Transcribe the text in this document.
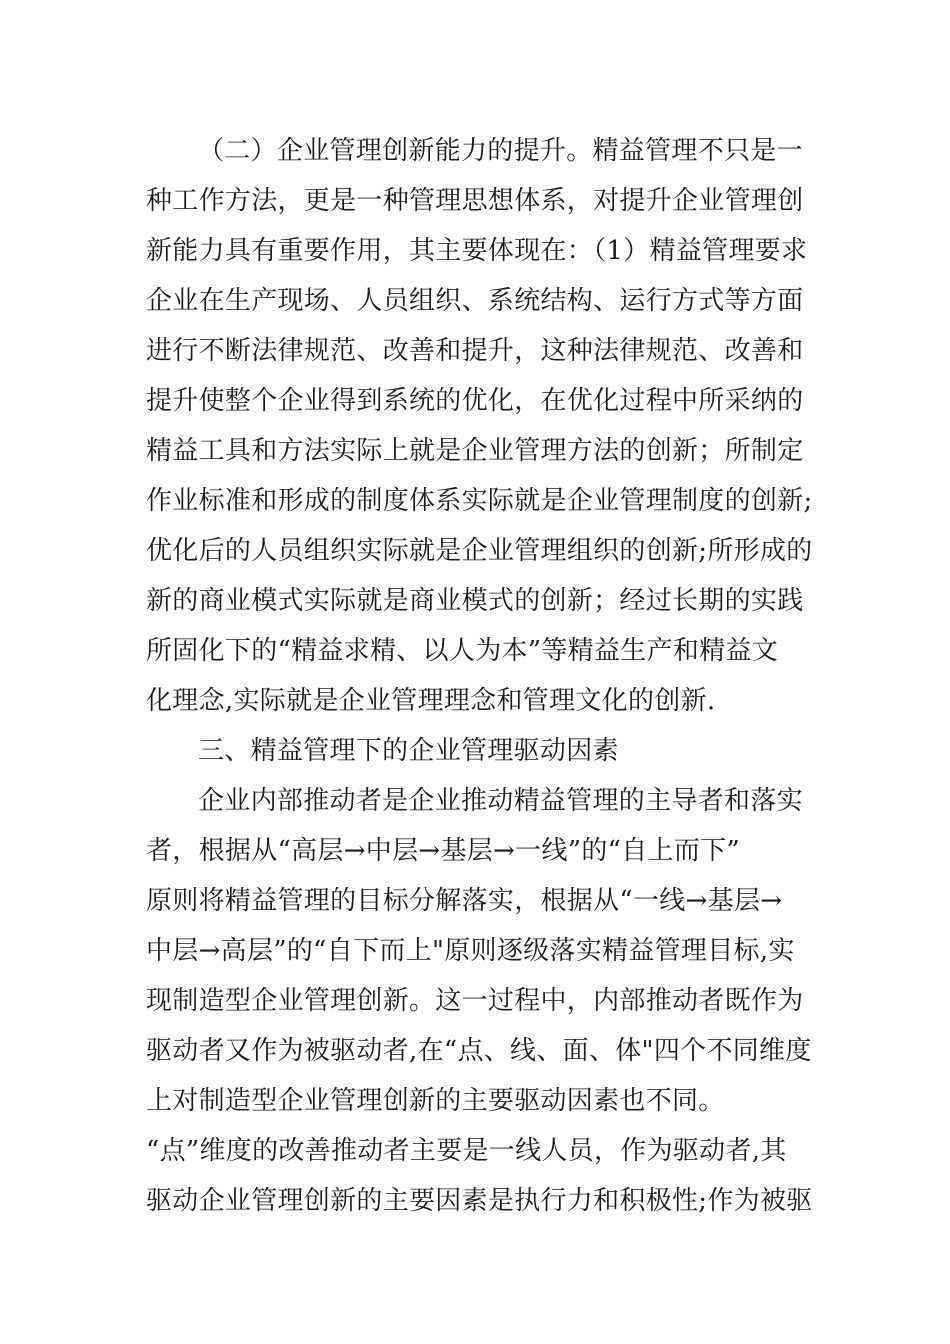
（二）企业管理创新能力的提升。精益管理不只是一
种工作方法，更是一种管理思想体系，对提升企业管理创
新能力具有重要作用，其主要体现在：（1）精益管理要求
企业在生产现场、人员组织、系统结构、运行方式等方面
进行不断法律规范、改善和提升，这种法律规范、改善和
提升使整个企业得到系统的优化，在优化过程中所采纳的
精益工具和方法实际上就是企业管理方法的创新；所制定
作业标准和形成的制度体系实际就是企业管理制度的创新;
优化后的人员组织实际就是企业管理组织的创新;所形成的
新的商业模式实际就是商业模式的创新；经过长期的实践
所固化下的“精益求精、以人为本”等精益生产和精益文
化理念,实际就是企业管理理念和管理文化的创新.
三、精益管理下的企业管理驱动因素
企业内部推动者是企业推动精益管理的主导者和落实
者，根据从“高层→中层→基层→一线”的“自上而下”
原则将精益管理的目标分解落实，根据从“一线→基层→
中层→高层”的“自下而上"原则逐级落实精益管理目标,实
现制造型企业管理创新。这一过程中，内部推动者既作为
驱动者又作为被驱动者,在“点、线、面、体"四个不同维度
上对制造型企业管理创新的主要驱动因素也不同。
“点”维度的改善推动者主要是一线人员，作为驱动者,其
驱动企业管理创新的主要因素是执行力和积极性;作为被驱
